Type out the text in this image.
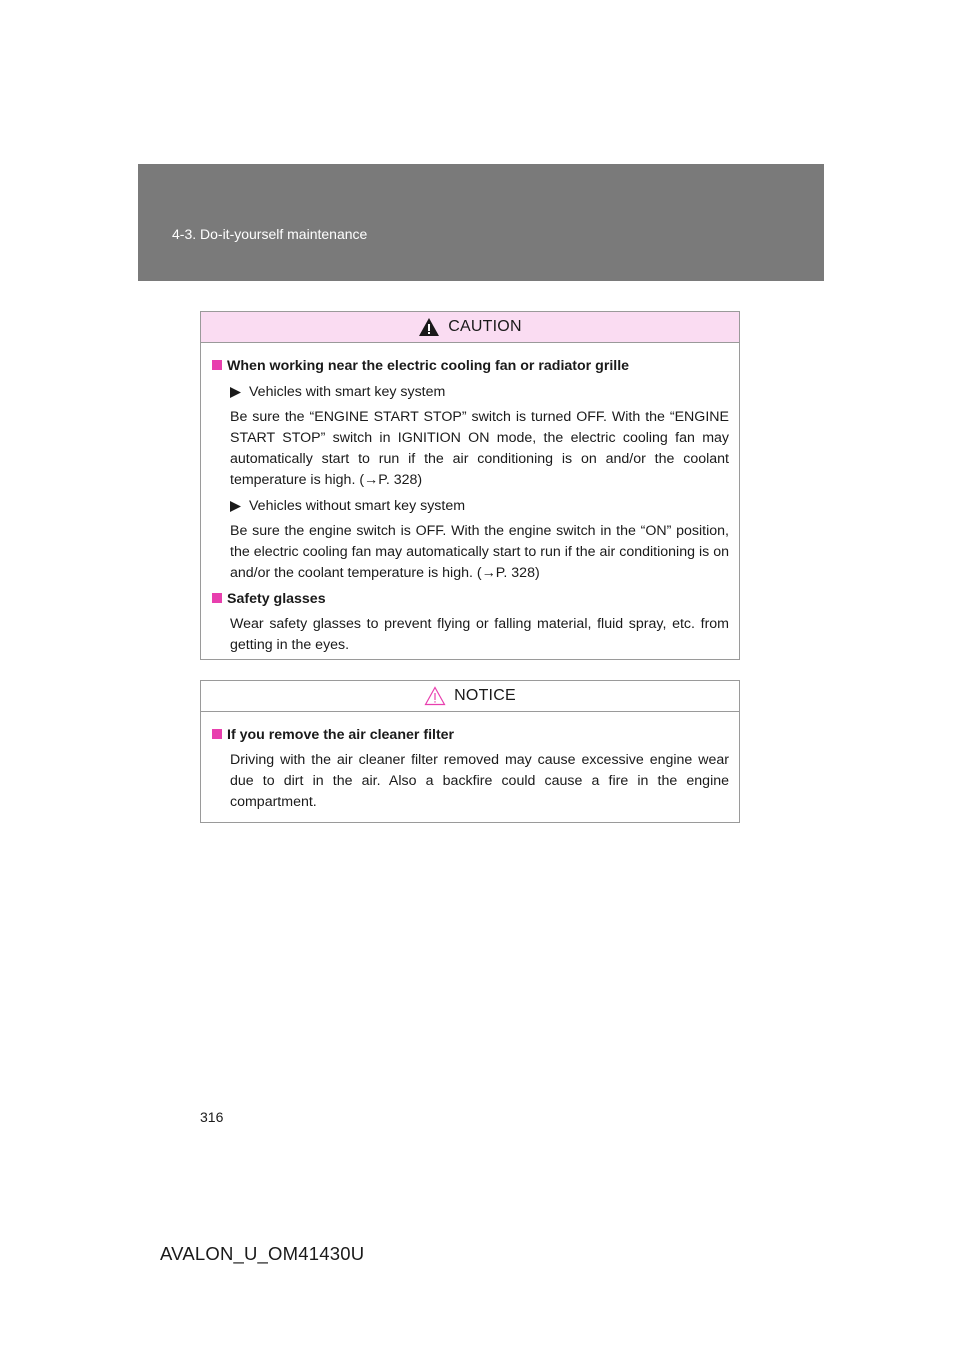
4-3. Do-it-yourself maintenance
CAUTION
When working near the electric cooling fan or radiator grille
Vehicles with smart key system
Be sure the “ENGINE START STOP” switch is turned OFF. With the “ENGINE START STOP” switch in IGNITION ON mode, the electric cooling fan may automatically start to run if the air conditioning is on and/or the coolant temperature is high. (→P. 328)
Vehicles without smart key system
Be sure the engine switch is OFF. With the engine switch in the “ON” position, the electric cooling fan may automatically start to run if the air conditioning is on and/or the coolant temperature is high. (→P. 328)
Safety glasses
Wear safety glasses to prevent flying or falling material, fluid spray, etc. from getting in the eyes.
NOTICE
If you remove the air cleaner filter
Driving with the air cleaner filter removed may cause excessive engine wear due to dirt in the air. Also a backfire could cause a fire in the engine compartment.
316
AVALON_U_OM41430U
